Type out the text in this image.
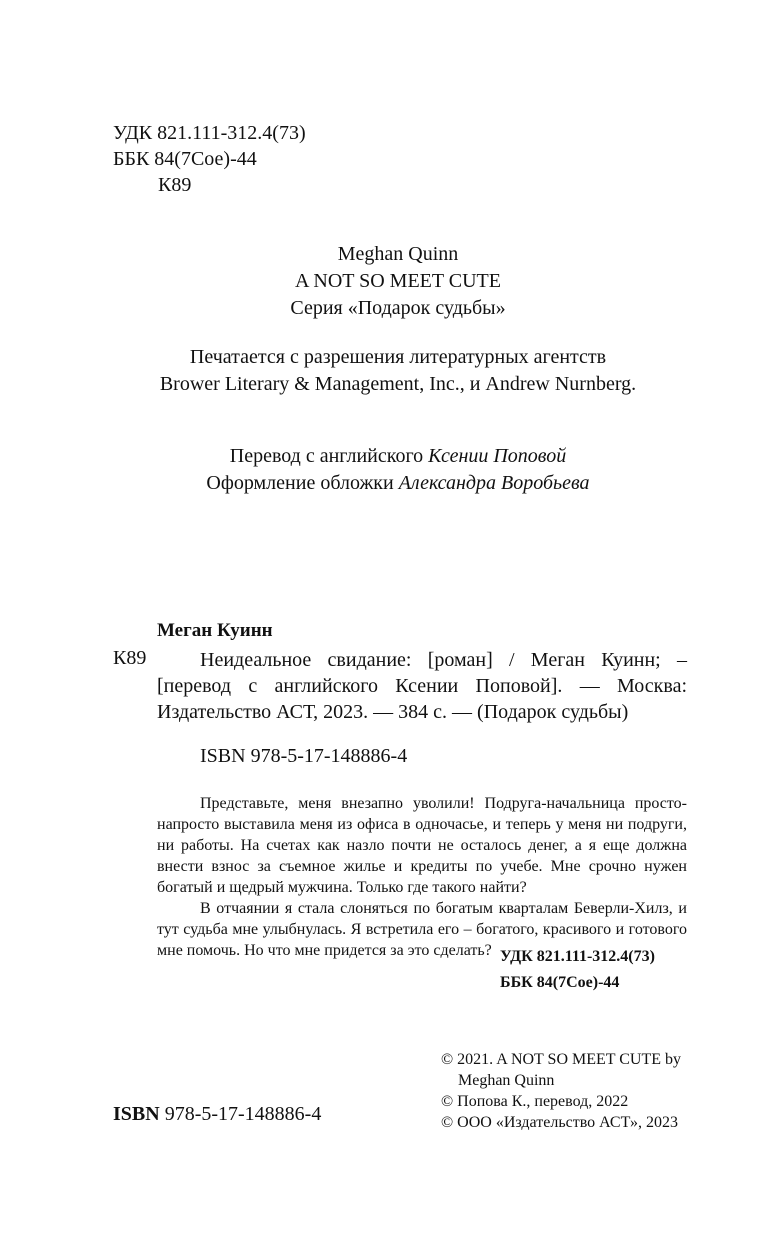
УДК 821.111-312.4(73)
ББК 84(7Сое)-44
К89
Meghan Quinn
A NOT SO MEET CUTE
Серия «Подарок судьбы»
Печатается с разрешения литературных агентств
Brower Literary & Management, Inc., и Andrew Nurnberg.
Перевод с английского Ксении Поповой
Оформление обложки Александра Воробьева
Меган Куинн
К89	Неидеальное свидание: [роман] / Меган Куинн; –
[перевод с английского Ксении Поповой]. — Москва:
Издательство АСТ, 2023. — 384 с. — (Подарок судьбы)
ISBN 978-5-17-148886-4

Представьте, меня внезапно уволили! Подруга-начальница просто-напросто выставила меня из офиса в одночасье, и теперь у меня ни подруги, ни работы. На счетах как назло почти не осталось денег, а я еще должна внести взнос за съемное жилье и кредиты по учебе. Мне срочно нужен богатый и щедрый мужчина. Только где такого найти?

В отчаянии я стала слоняться по богатым кварталам Беверли-Хилз, и тут судьба мне улыбнулась. Я встретила его – богатого, красивого и готового мне помочь. Но что мне придется за это сделать? УДК 821.111-312.4(73)
ББК 84(7Сое)-44
© 2021. A NOT SO MEET CUTE by
Meghan Quinn
© Попова К., перевод, 2022
© ООО «Издательство АСТ», 2023
ISBN 978-5-17-148886-4
